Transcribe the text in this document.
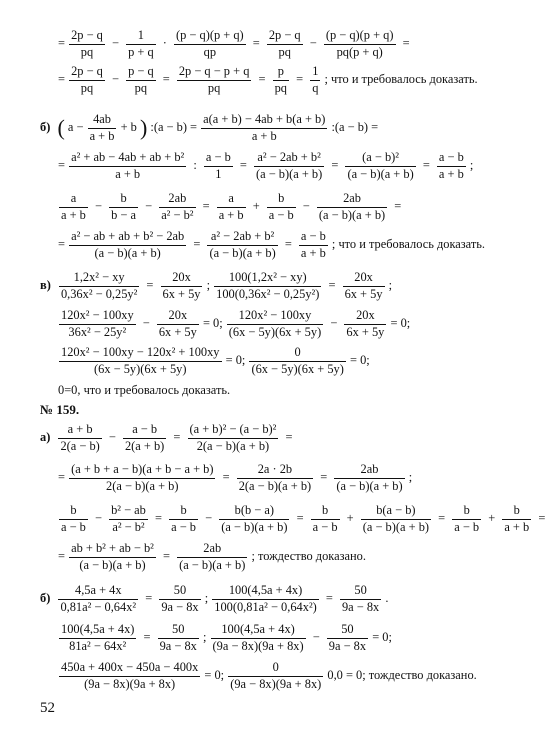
= $\frac{2p - q}{pq} - \frac{1}{p + q} \cdot \frac{(p - q)(p + q)}{qp} = \frac{2p - q}{pq} - \frac{(p - q)(p + q)}{pq(p + q)}$ =
= $\frac{2p - q}{pq} - \frac{p - q}{pq} = \frac{2p - q - p + q}{pq} = \frac{p}{pq} = \frac{1}{q}$ ; что и требовалось доказать.
б) ( $a - \frac{4ab}{a + b} + b$ ) :(a − $b) = \frac{a(a + b) - 4ab + b(a + b)}{a + b}$ :(a − b) =
= $\frac{\text{a² + ab − 4ab + ab + b²}}{a + b}$ : $\frac{a - b}{1} = \frac{\text{a² − 2ab + b²}}{(a - b)(a + b)} = \frac{\text{(a − b)²}}{(a - b)(a + b)} = \frac{a - b}{a + b}$ ;
$\frac{a}{a + b} - \frac{b}{b - a} - \frac{2ab}{\text{a² − b²}} = \frac{a}{a + b} + \frac{b}{a - b} - \frac{2ab}{(a - b)(a + b)}$ =
= $\frac{\text{a² − ab + ab + b² − 2ab}}{(a - b)(a + b)} = \frac{\text{a² − 2ab + b²}}{(a - b)(a + b)} = \frac{a - b}{a + b}$ ; что и требовалось доказать.
$в) \frac{\text{1,2x² − xy}}{\text{0,36x² − 0,25y²}} = \frac{20x}{6x + 5y}$ ; $\frac{\text{100(1,2x² − xy)}}{\text{100(0,36x² − 0,25y²)}} = \frac{20x}{6x + 5y}$ ;
$\frac{\text{120x² − 100xy}}{\text{36x² − 25y²}} - \frac{20x}{6x + 5y} = 0$; $\frac{\text{120x² − 100xy}}{(6x - 5y)(6x + 5y)} - \frac{20x}{6x + 5y} = 0$;
$\frac{\text{120x² − 100xy − 120x² + 100xy}}{(6x - 5y)(6x + 5y)} = 0$; $\frac{0}{(6x - 5y)(6x + 5y)} = 0$;
0=0, что и требовалось доказать.
№ 159.
$а) \frac{a + b}{2(a - b)} - \frac{a - b}{2(a + b)} = \frac{\text{(a + b)² − (a − b)²}}{2(a - b)(a + b)}$ =
= $\frac{(a + b + a - b)(a + b - a + b)}{2(a - b)(a + b)} = \frac{2a \cdot 2b}{2(a - b)(a + b)} = \frac{2ab}{(a - b)(a + b)}$ ;
$\frac{b}{a - b} - \frac{\text{b² − ab}}{\text{a² − b²}} = \frac{b}{a - b} - \frac{b(b - a)}{(a - b)(a + b)} = \frac{b}{a - b} + \frac{b(a - b)}{(a - b)(a + b)} = \frac{b}{a - b} + \frac{b}{a + b}$ =
= $\frac{\text{ab + b² + ab − b²}}{(a - b)(a + b)} = \frac{2ab}{(a - b)(a + b)}$ ; тождество доказано.
$б) \frac{4,5a + 4x}{\text{0,81a² − 0,64x²}} = \frac{50}{9a - 8x}$ ; $\frac{100(4,5a + 4x)}{\text{100(0,81a² − 0,64x²)}} = \frac{50}{9a - 8x}$ .
$\frac{100(4,5a + 4x)}{\text{81a² − 64x²}} = \frac{50}{9a - 8x}$ ; $\frac{100(4,5a + 4x)}{(9a - 8x)(9a + 8x)} - \frac{50}{9a - 8x} = 0$;
$\frac{450a + 400x - 450a - 400x}{(9a - 8x)(9a + 8x)} = 0$; $\frac{0}{(9a - 8x)(9a + 8x)} 0,0 = 0$; тождество доказано.
52
